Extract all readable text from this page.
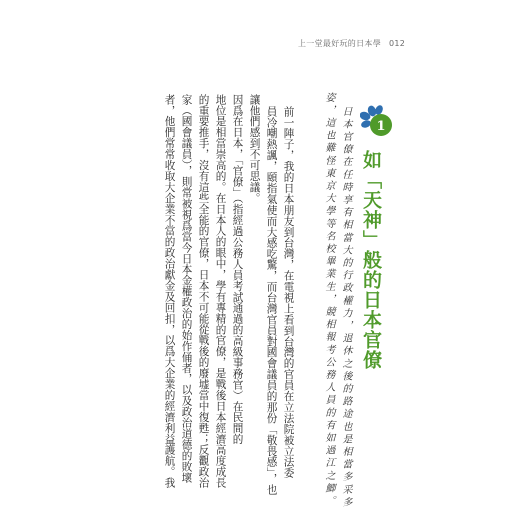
上一堂最好玩的日本學 012
1
如「天神」般的日本官僚
日本官僚在任時享有相當大的行政權力，退休之後的路途也是相當多采多
姿，這也難怪東京大學等名校畢業生，競相報考公務人員的有如過江之鯽。
前一陣子，我的日本朋友到台灣，在電視上看到台灣的官員在立法院被立法委
員冷嘲熱諷，頤指氣使而大感吃驚，而台灣官員對國會議員的那份「敬畏感」，也
讓他們感到不可思議。
因爲在日本，「官僚」（指經過公務人員考試通過的高級事務官）在民間的
地位是相當崇高的。在日本人的眼中，學有專精的官僚，是戰後日本經濟高度成長
的重要推手，沒有這些全能的官僚，日本不可能從戰後的廢墟當中復甦；反觀政治
家（國會議員），則常被視爲當今日本金權政治的始作俑者，以及政治道德的敗壞
者，他們常常收取大企業不當的政治獻金及回扣，以爲大企業的經濟利益護航。我
